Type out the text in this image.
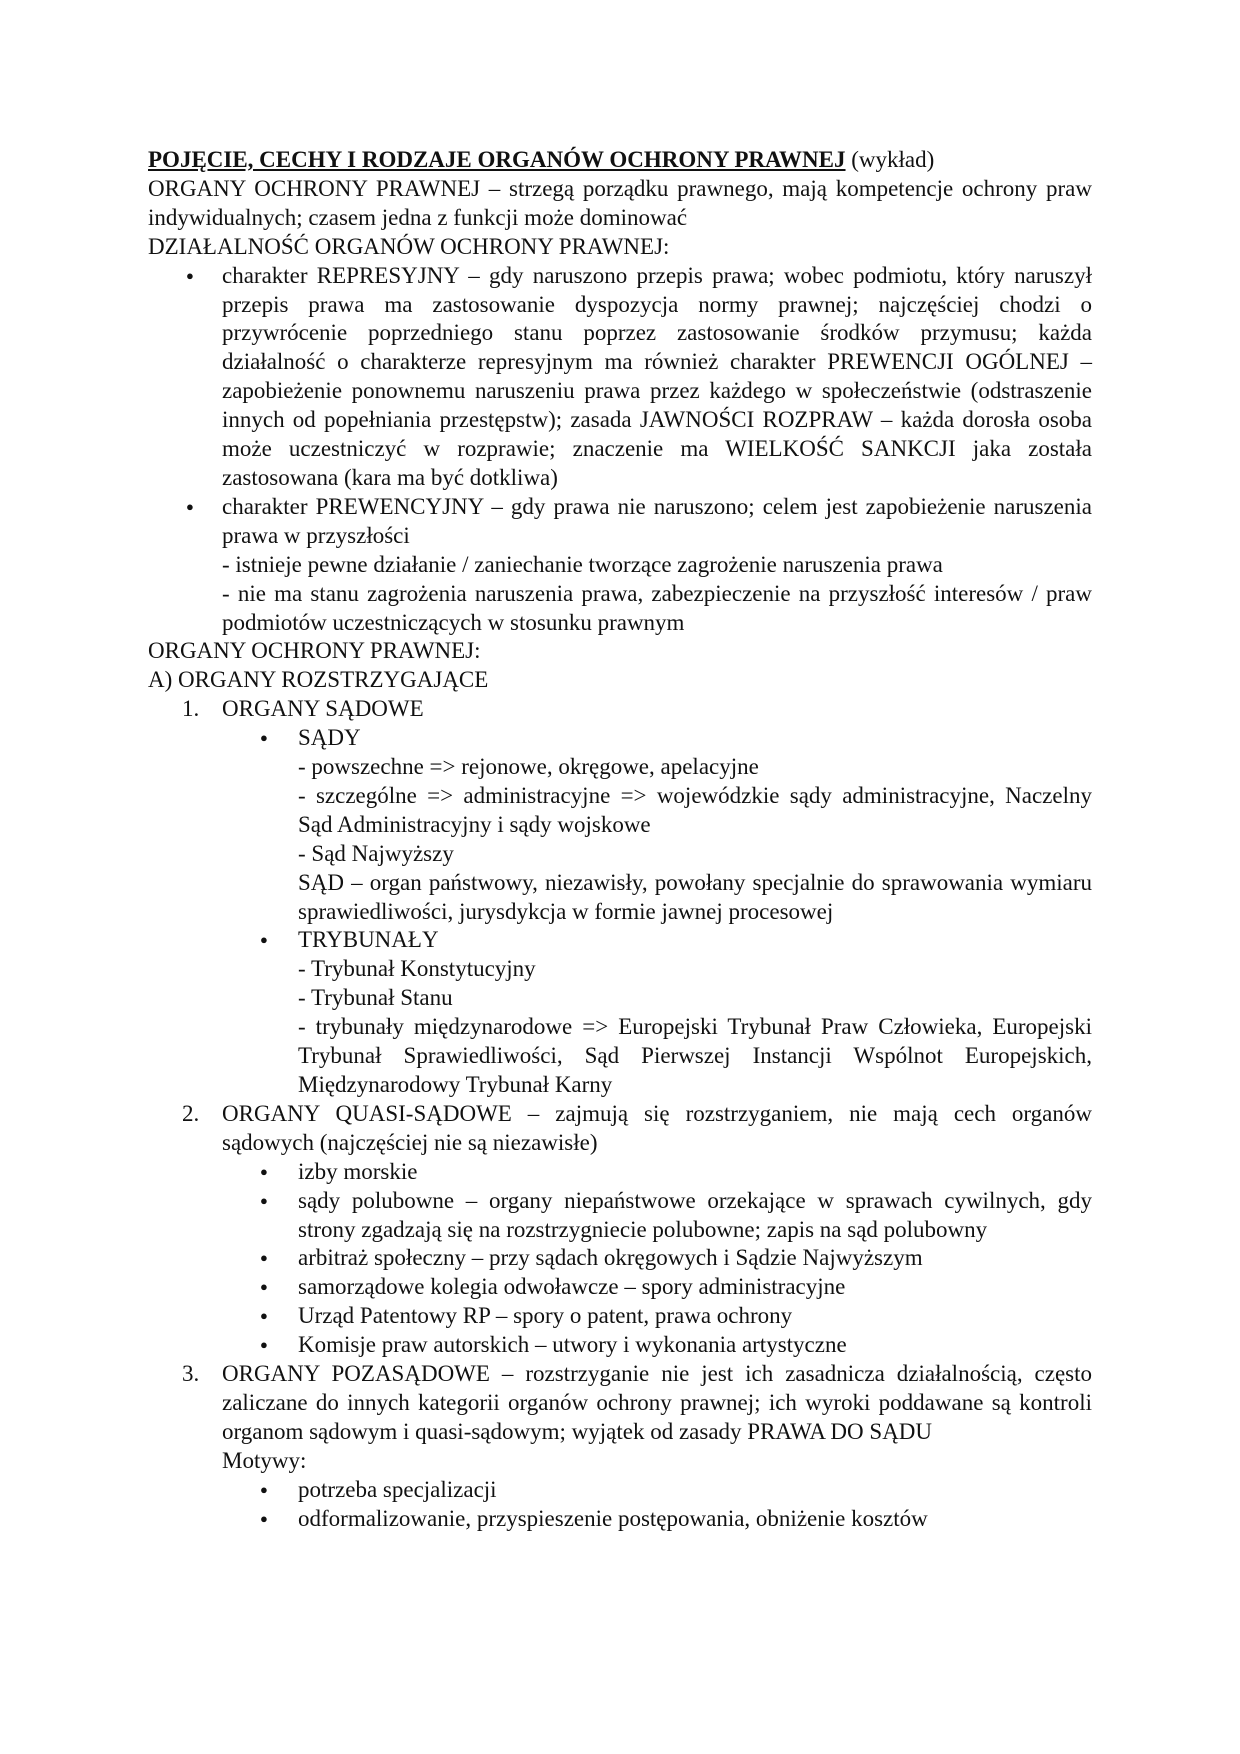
POJĘCIE, CECHY I RODZAJE ORGANÓW OCHRONY PRAWNEJ (wykład)
ORGANY OCHRONY PRAWNEJ – strzegą porządku prawnego, mają kompetencje ochrony praw indywidualnych; czasem jedna z funkcji może dominować
DZIAŁALNOŚĆ ORGANÓW OCHRONY PRAWNEJ:
● charakter REPRESYJNY – gdy naruszono przepis prawa; wobec podmiotu, który naruszył przepis prawa ma zastosowanie dyspozycja normy prawnej; najczęściej chodzi o przywrócenie poprzedniego stanu poprzez zastosowanie środków przymusu; każda działalność o charakterze represyjnym ma również charakter PREWENCJI OGÓLNEJ – zapobieżenie ponownemu naruszeniu prawa przez każdego w społeczeństwie (odstraszenie innych od popełniania przestępstw); zasada JAWNOŚCI ROZPRAW – każda dorosła osoba może uczestniczyć w rozprawie; znaczenie ma WIELKOŚĆ SANKCJI jaka została zastosowana (kara ma być dotkliwa)
● charakter PREWENCYJNY – gdy prawa nie naruszono; celem jest zapobieżenie naruszenia prawa w przyszłości
- istnieje pewne działanie / zaniechanie tworzące zagrożenie naruszenia prawa
- nie ma stanu zagrożenia naruszenia prawa, zabezpieczenie na przyszłość interesów / praw podmiotów uczestniczących w stosunku prawnym
ORGANY OCHRONY PRAWNEJ:
A) ORGANY ROZSTRZYGAJĄCE
1. ORGANY SĄDOWE
● SĄDY
- powszechne => rejonowe, okręgowe, apelacyjne
- szczególne => administracyjne => wojewódzkie sądy administracyjne, Naczelny Sąd Administracyjny i sądy wojskowe
- Sąd Najwyższy
SĄD – organ państwowy, niezawisły, powołany specjalnie do sprawowania wymiaru sprawiedliwości, jurysdykcja w formie jawnej procesowej
● TRYBUNAŁY
- Trybunał Konstytucyjny
- Trybunał Stanu
- trybunały międzynarodowe => Europejski Trybunał Praw Człowieka, Europejski Trybunał Sprawiedliwości, Sąd Pierwszej Instancji Wspólnot Europejskich, Międzynarodowy Trybunał Karny
2. ORGANY QUASI-SĄDOWE – zajmują się rozstrzyganiem, nie mają cech organów sądowych (najczęściej nie są niezawisłe)
● izby morskie
● sądy polubowne – organy niepaństwowe orzekające w sprawach cywilnych, gdy strony zgadzają się na rozstrzygniecie polubowne; zapis na sąd polubowny
● arbitraż społeczny – przy sądach okręgowych i Sądzie Najwyższym
● samorządowe kolegia odwoławcze – spory administracyjne
● Urząd Patentowy RP – spory o patent, prawa ochrony
● Komisje praw autorskich – utwory i wykonania artystyczne
3. ORGANY POZASĄDOWE – rozstrzyganie nie jest ich zasadnicza działalnością, często zaliczane do innych kategorii organów ochrony prawnej; ich wyroki poddawane są kontroli organom sądowym i quasi-sądowym; wyjątek od zasady PRAWA DO SĄDU
Motywy:
● potrzeba specjalizacji
● odformalizowanie, przyspieszenie postępowania, obniżenie kosztów
